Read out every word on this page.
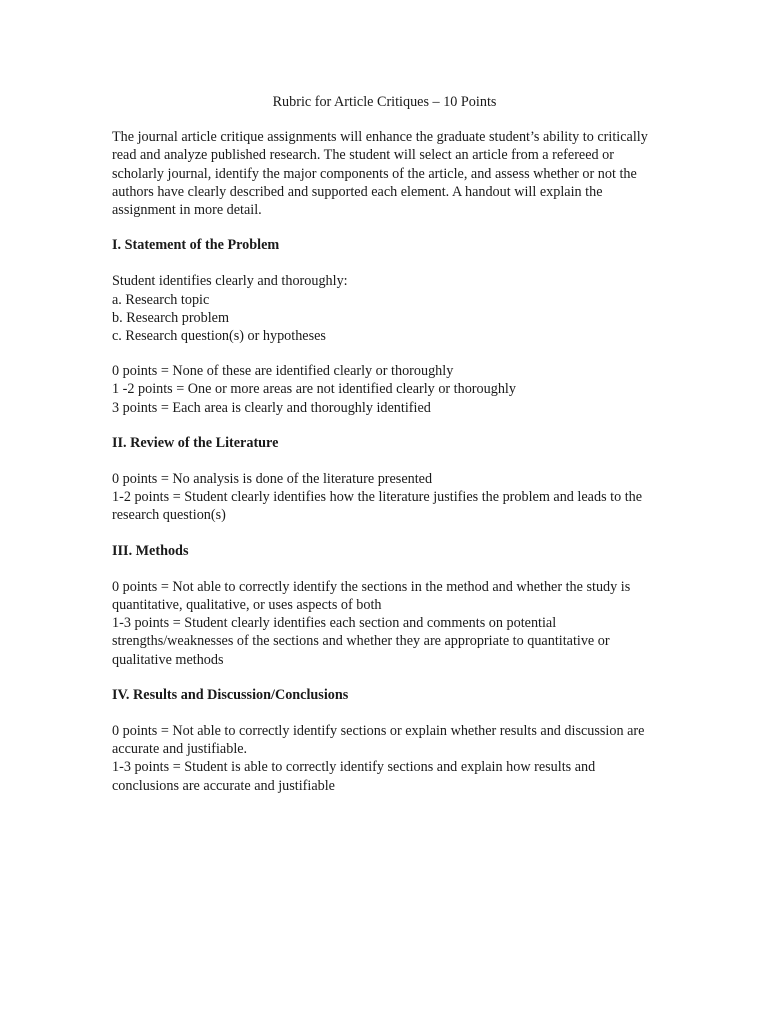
Rubric for Article Critiques – 10 Points

The journal article critique assignments will enhance the graduate student’s ability to critically read and analyze published research. The student will select an article from a refereed or scholarly journal, identify the major components of the article, and assess whether or not the authors have clearly described and supported each element. A handout will explain the assignment in more detail.

I. Statement of the Problem
Student identifies clearly and thoroughly:
a. Research topic
b. Research problem
c. Research question(s) or hypotheses
0 points = None of these are identified clearly or thoroughly
1 -2 points = One or more areas are not identified clearly or thoroughly
3 points = Each area is clearly and thoroughly identified
II. Review of the Literature
0 points = No analysis is done of the literature presented
1-2 points = Student clearly identifies how the literature justifies the problem and leads to the research question(s)
III. Methods
0 points = Not able to correctly identify the sections in the method and whether the study is quantitative, qualitative, or uses aspects of both
1-3 points = Student clearly identifies each section and comments on potential strengths/weaknesses of the sections and whether they are appropriate to quantitative or qualitative methods
IV. Results and Discussion/Conclusions
0 points = Not able to correctly identify sections or explain whether results and discussion are accurate and justifiable.
1-3 points = Student is able to correctly identify sections and explain how results and conclusions are accurate and justifiable
